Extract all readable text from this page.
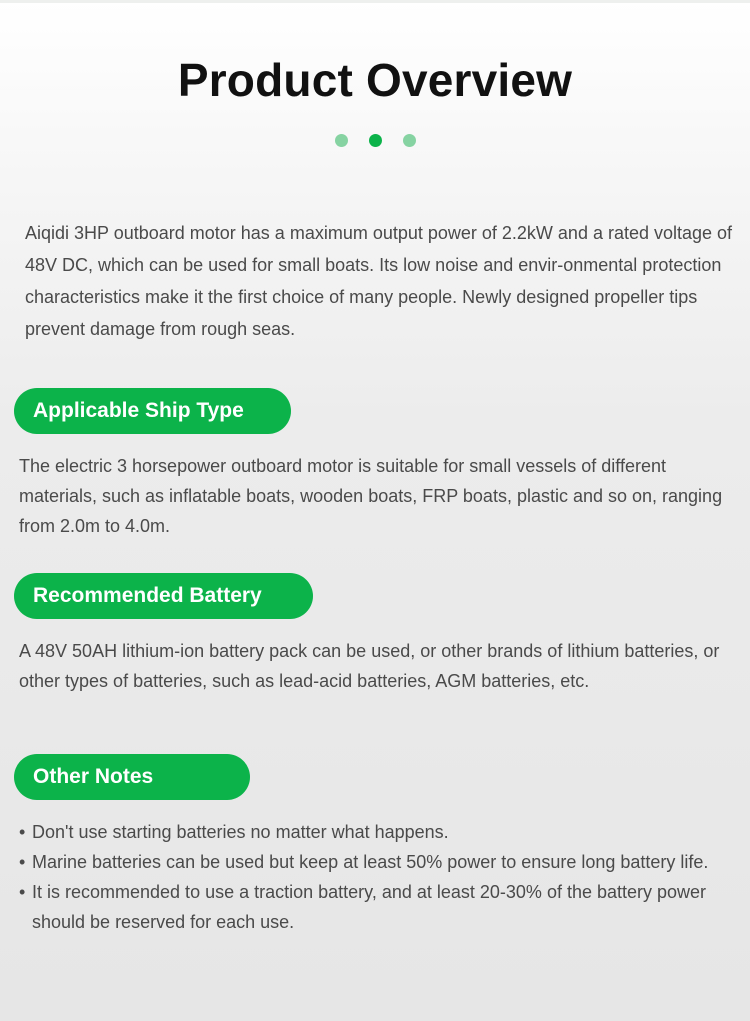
Product Overview

Aiqidi 3HP outboard motor has a maximum output power of 2.2kW and a rated voltage of 48V DC, which can be used for small boats. Its low noise and envir-onmental protection characteristics make it the first choice of many people. Newly designed propeller tips prevent damage from rough seas.

Applicable Ship Type

The electric 3 horsepower outboard motor is suitable for small vessels of different materials, such as inflatable boats, wooden boats, FRP boats, plastic and so on, ranging from 2.0m to 4.0m.

Recommended Battery

A 48V 50AH lithium-ion battery pack can be used, or other brands of lithium batteries, or other types of batteries, such as lead-acid batteries, AGM batteries, etc.

Other Notes
• Don't use starting batteries no matter what happens.
• Marine batteries can be used but keep at least 50% power to ensure long battery life.
• It is recommended to use a traction battery, and at least 20-30% of the battery power should be reserved for each use.
